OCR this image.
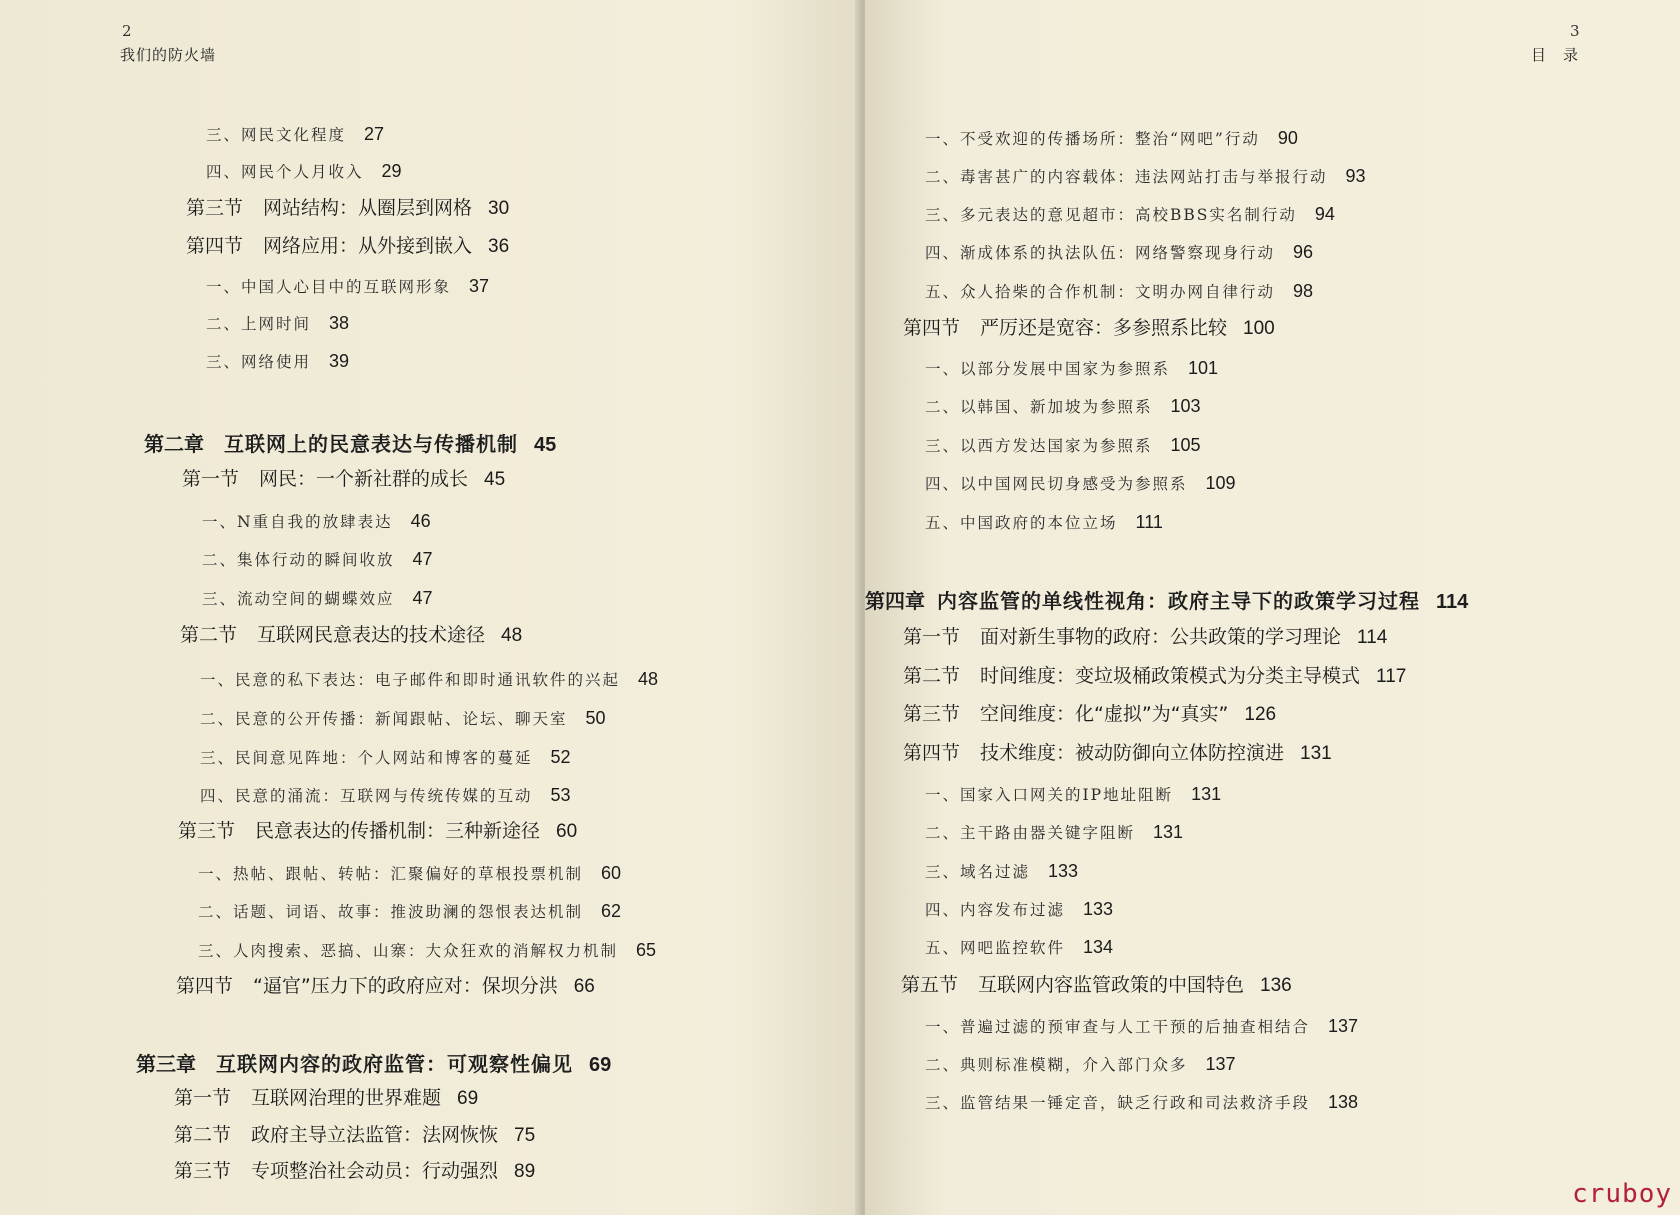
2
我们的防火墙
三、网民文化程度 27
四、网民个人月收入 29
第三节 网站结构：从圈层到网格 30
第四节 网络应用：从外接到嵌入 36
一、中国人心目中的互联网形象 37
二、上网时间 38
三、网络使用 39
第二章 互联网上的民意表达与传播机制 45
第一节 网民：一个新社群的成长 45
一、N重自我的放肆表达 46
二、集体行动的瞬间收放 47
三、流动空间的蝴蝶效应 47
第二节 互联网民意表达的技术途径 48
一、民意的私下表达：电子邮件和即时通讯软件的兴起 48
二、民意的公开传播：新闻跟帖、论坛、聊天室 50
三、民间意见阵地：个人网站和博客的蔓延 52
四、民意的涌流：互联网与传统传媒的互动 53
第三节 民意表达的传播机制：三种新途径 60
一、热帖、跟帖、转帖：汇聚偏好的草根投票机制 60
二、话题、词语、故事：推波助澜的怨恨表达机制 62
三、人肉搜索、恶搞、山寨：大众狂欢的消解权力机制 65
第四节 “逼官”压力下的政府应对：保坝分洪 66
第三章 互联网内容的政府监管：可观察性偏见 69
第一节 互联网治理的世界难题 69
第二节 政府主导立法监管：法网恢恢 75
第三节 专项整治社会动员：行动强烈 89
3
目　录
一、不受欢迎的传播场所：整治“网吧”行动 90
二、毒害甚广的内容载体：违法网站打击与举报行动 93
三、多元表达的意见超市：高校BBS实名制行动 94
四、渐成体系的执法队伍：网络警察现身行动 96
五、众人拾柴的合作机制：文明办网自律行动 98
第四节 严厉还是宽容：多参照系比较 100
一、以部分发展中国家为参照系 101
二、以韩国、新加坡为参照系 103
三、以西方发达国家为参照系 105
四、以中国网民切身感受为参照系 109
五、中国政府的本位立场 111
第四章 内容监管的单线性视角：政府主导下的政策学习过程 114
第一节 面对新生事物的政府：公共政策的学习理论 114
第二节 时间维度：变垃圾桶政策模式为分类主导模式 117
第三节 空间维度：化“虚拟”为“真实” 126
第四节 技术维度：被动防御向立体防控演进 131
一、国家入口网关的IP地址阻断 131
二、主干路由器关键字阻断 131
三、域名过滤 133
四、内容发布过滤 133
五、网吧监控软件 134
第五节 互联网内容监管政策的中国特色 136
一、普遍过滤的预审查与人工干预的后抽查相结合 137
二、典则标准模糊，介入部门众多 137
三、监管结果一锤定音，缺乏行政和司法救济手段 138
cruboy
